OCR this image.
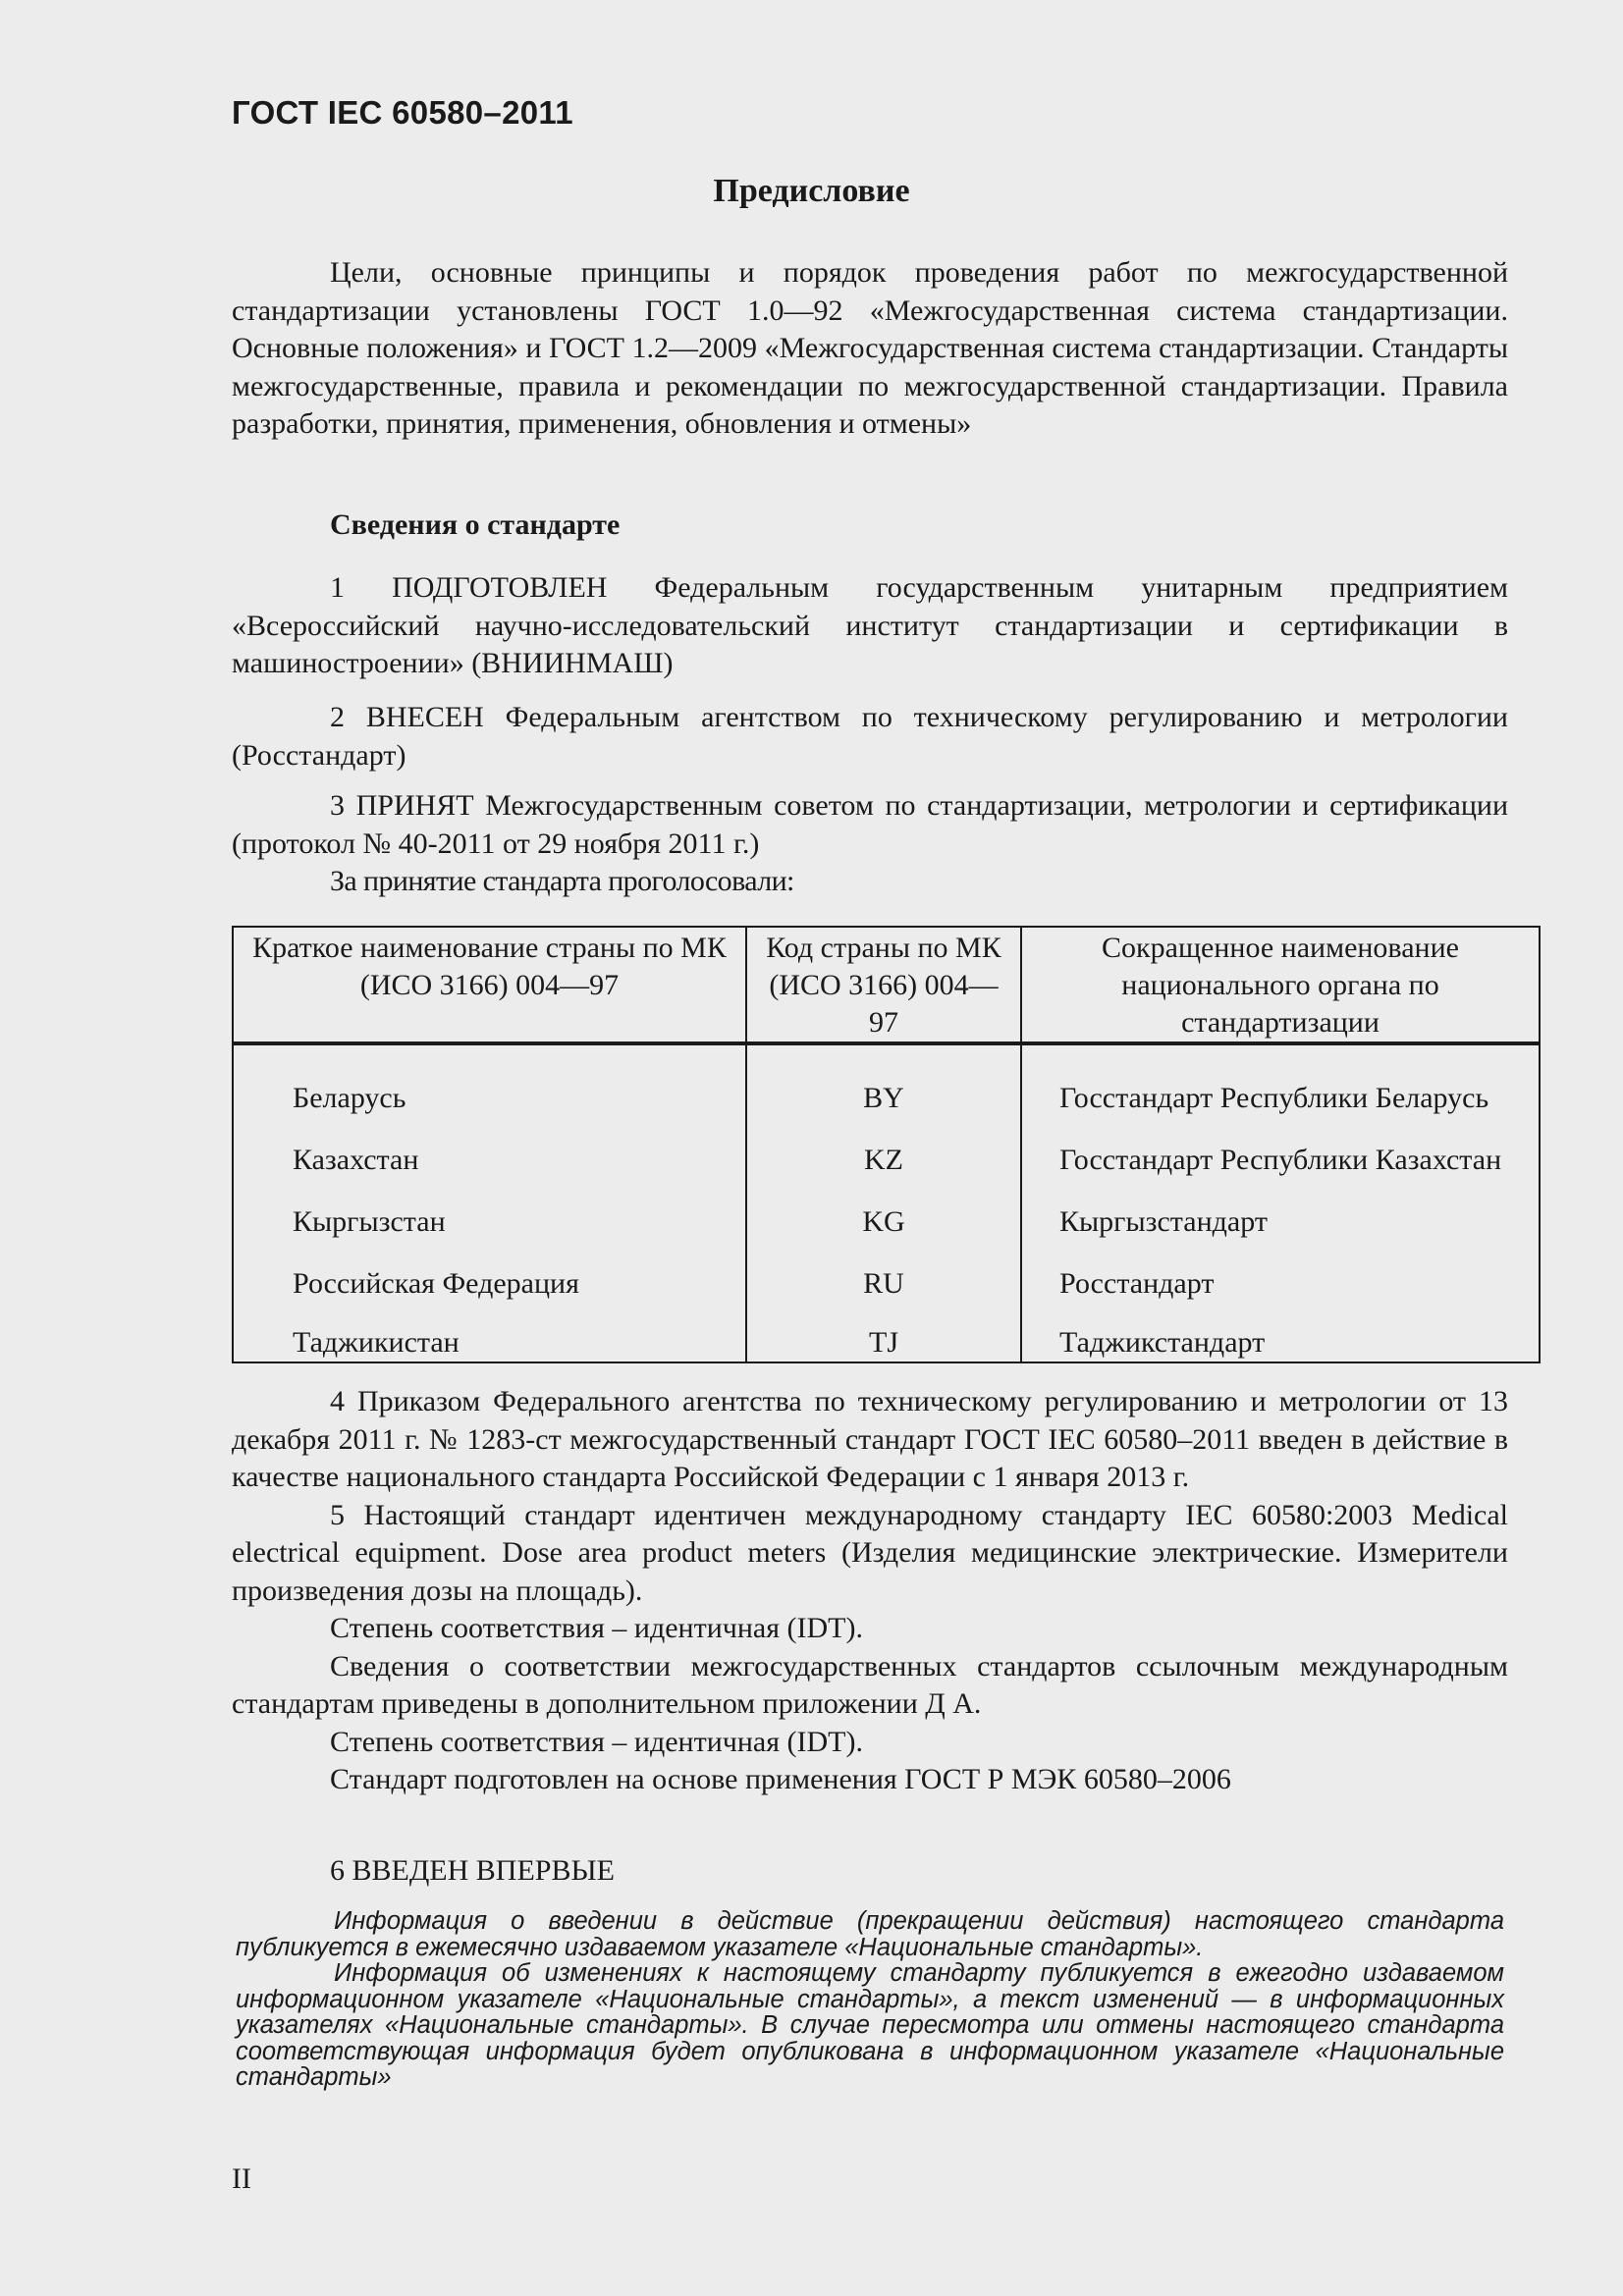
ГОСТ IEC 60580–2011
Предисловие

Цели, основные принципы и порядок проведения работ по межгосударственной стандартизации установлены ГОСТ 1.0—92 «Межгосударственная система стандартизации. Основные положения» и ГОСТ 1.2—2009 «Межгосударственная система стандартизации. Стандарты межгосударственные, правила и рекомендации по межгосударственной стандартизации. Правила разработки, принятия, применения, обновления и отмены»

Сведения о стандарте

1 ПОДГОТОВЛЕН Федеральным государственным унитарным предприятием «Всероссийский научно-исследовательский институт стандартизации и сертификации в машиностроении» (ВНИИНМАШ)

2 ВНЕСЕН Федеральным агентством по техническому регулированию и метрологии (Росстандарт)

3 ПРИНЯТ Межгосударственным советом по стандартизации, метрологии и сертификации (протокол № 40-2011 от 29 ноября 2011 г.)

За принятие стандарта проголосовали:

Краткое наименование страны по МК (ИСО 3166) 004—97	Код страны по МК (ИСО 3166) 004—97	Сокращенное наименование национального органа по стандартизации
Беларусь	BY	Госстандарт Республики Беларусь
Казахстан	KZ	Госстандарт Республики Казахстан
Кыргызстан	KG	Кыргызстандарт
Российская Федерация	RU	Росстандарт
Таджикистан	TJ	Таджикстандарт

4 Приказом Федерального агентства по техническому регулированию и метрологии от 13 декабря 2011 г. № 1283-ст межгосударственный стандарт ГОСТ IEC 60580–2011 введен в действие в качестве национального стандарта Российской Федерации с 1 января 2013 г.

5 Настоящий стандарт идентичен международному стандарту IEC 60580:2003 Medical electrical equipment. Dose area product meters (Изделия медицинские электрические. Измерители произведения дозы на площадь).

Степень соответствия – идентичная (IDT).

Сведения о соответствии межгосударственных стандартов ссылочным международным стандартам приведены в дополнительном приложении Д А.

Степень соответствия – идентичная (IDT).

Стандарт подготовлен на основе применения ГОСТ Р МЭК 60580–2006

6 ВВЕДЕН ВПЕРВЫЕ

Информация о введении в действие (прекращении действия) настоящего стандарта публикуется в ежемесячно издаваемом указателе «Национальные стандарты».

Информация об изменениях к настоящему стандарту публикуется в ежегодно издаваемом информационном указателе «Национальные стандарты», а текст изменений — в информационных указателях «Национальные стандарты». В случае пересмотра или отмены настоящего стандарта соответствующая информация будет опубликована в информационном указателе «Национальные стандарты»

II
